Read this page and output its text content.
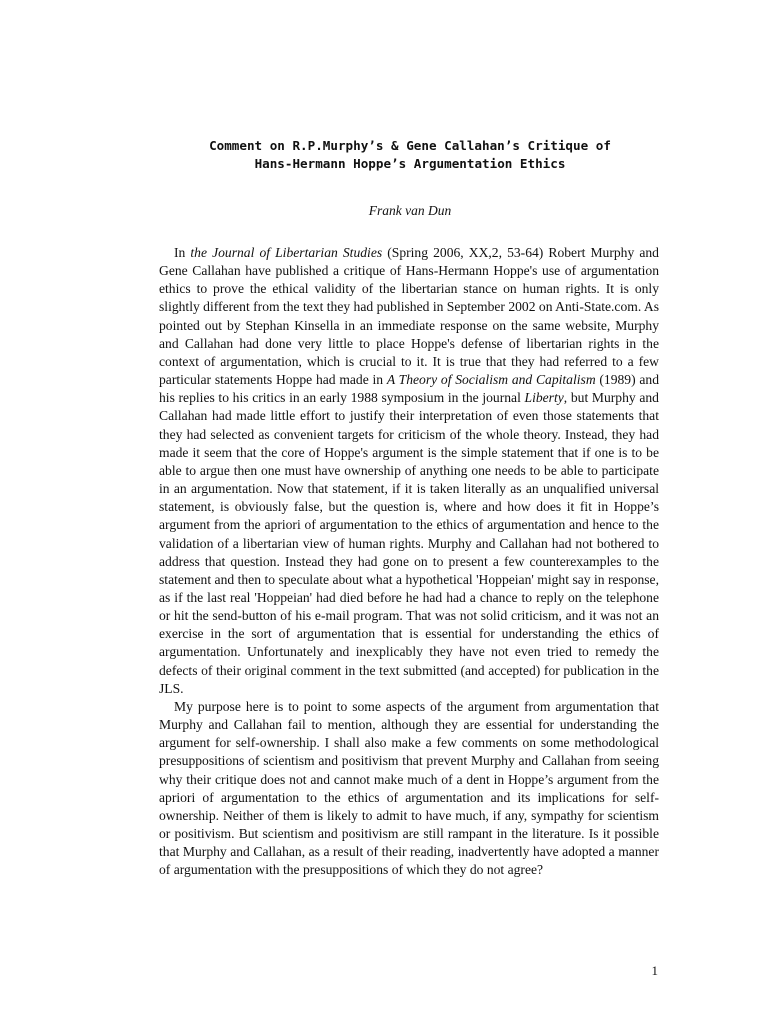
Comment on R.P.Murphy’s & Gene Callahan’s Critique of
Hans-Hermann Hoppe’s Argumentation Ethics

Frank van Dun

In the Journal of Libertarian Studies (Spring 2006, XX,2, 53-64) Robert Murphy and Gene Callahan have published a critique of Hans-Hermann Hoppe's use of argumentation ethics to prove the ethical validity of the libertarian stance on human rights. It is only slightly different from the text they had published in September 2002 on Anti-State.com. As pointed out by Stephan Kinsella in an immediate response on the same website, Murphy and Callahan had done very little to place Hoppe's defense of libertarian rights in the context of argumentation, which is crucial to it. It is true that they had referred to a few particular statements Hoppe had made in A Theory of Socialism and Capitalism (1989) and his replies to his critics in an early 1988 symposium in the journal Liberty, but Murphy and Callahan had made little effort to justify their interpretation of even those statements that they had selected as convenient targets for criticism of the whole theory. Instead, they had made it seem that the core of Hoppe's argument is the simple statement that if one is to be able to argue then one must have ownership of anything one needs to be able to participate in an argumentation. Now that statement, if it is taken literally as an unqualified universal statement, is obviously false, but the question is, where and how does it fit in Hoppe’s argument from the apriori of argumentation to the ethics of argumentation and hence to the validation of a libertarian view of human rights. Murphy and Callahan had not bothered to address that question. Instead they had gone on to present a few counterexamples to the statement and then to speculate about what a hypothetical 'Hoppeian' might say in response, as if the last real 'Hoppeian' had died before he had had a chance to reply on the telephone or hit the send-button of his e-mail program. That was not solid criticism, and it was not an exercise in the sort of argumentation that is essential for understanding the ethics of argumentation. Unfortunately and inexplicably they have not even tried to remedy the defects of their original comment in the text submitted (and accepted) for publication in the JLS.

My purpose here is to point to some aspects of the argument from argumentation that Murphy and Callahan fail to mention, although they are essential for understanding the argument for self-ownership. I shall also make a few comments on some methodological presuppositions of scientism and positivism that prevent Murphy and Callahan from seeing why their critique does not and cannot make much of a dent in Hoppe’s argument from the apriori of argumentation to the ethics of argumentation and its implications for self-ownership. Neither of them is likely to admit to have much, if any, sympathy for scientism or positivism. But scientism and positivism are still rampant in the literature. Is it possible that Murphy and Callahan, as a result of their reading, inadvertently have adopted a manner of argumentation with the presuppositions of which they do not agree?

1
